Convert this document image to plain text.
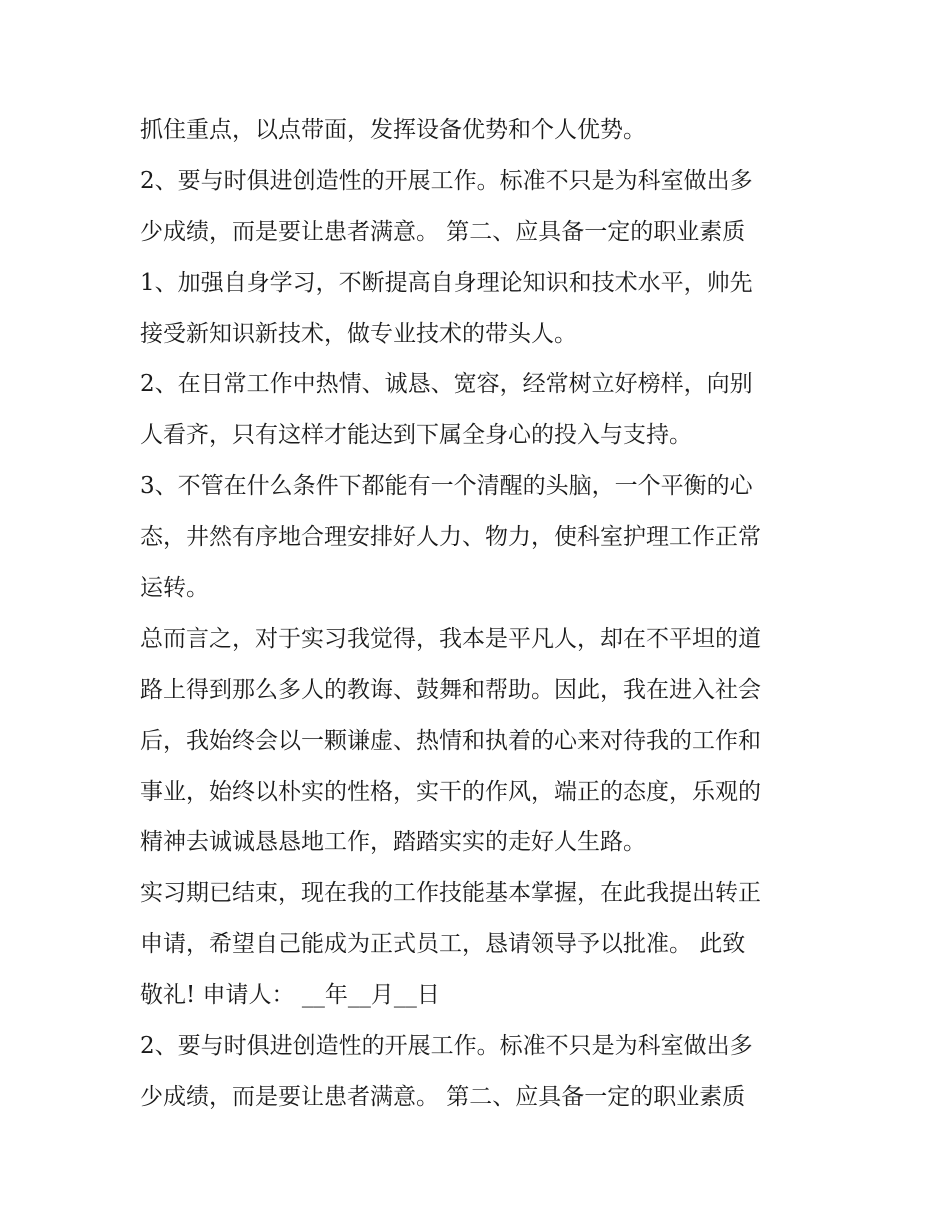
抓住重点，以点带面，发挥设备优势和个人优势。
2、要与时俱进创造性的开展工作。标准不只是为科室做出多
少成绩，而是要让患者满意。 第二、应具备一定的职业素质
1、加强自身学习，不断提高自身理论知识和技术水平，帅先
接受新知识新技术，做专业技术的带头人。
2、在日常工作中热情、诚恳、宽容，经常树立好榜样，向别
人看齐，只有这样才能达到下属全身心的投入与支持。
3、不管在什么条件下都能有一个清醒的头脑，一个平衡的心
态，井然有序地合理安排好人力、物力，使科室护理工作正常
运转。
总而言之，对于实习我觉得，我本是平凡人，却在不平坦的道
路上得到那么多人的教诲、鼓舞和帮助。因此，我在进入社会
后，我始终会以一颗谦虚、热情和执着的心来对待我的工作和
事业，始终以朴实的性格，实干的作风，端正的态度，乐观的
精神去诚诚恳恳地工作，踏踏实实的走好人生路。
实习期已结束，现在我的工作技能基本掌握，在此我提出转正
申请，希望自己能成为正式员工，恳请领导予以批准。 此致
敬礼! 申请人： __年__月__日
2、要与时俱进创造性的开展工作。标准不只是为科室做出多
少成绩，而是要让患者满意。 第二、应具备一定的职业素质
